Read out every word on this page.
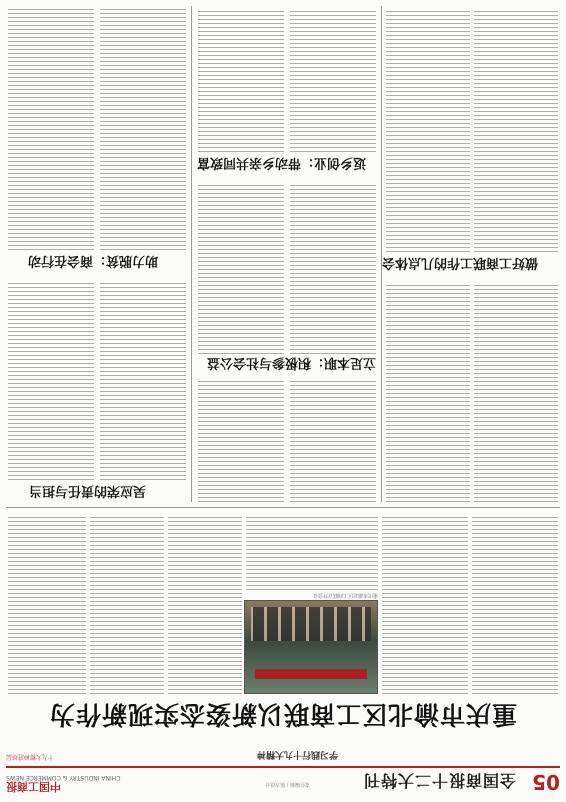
05
全国商报十二大特刊
责任编辑 / 版式设计
中国工商报
CHINA INDUSTRY & COMMERCE NEWS
学习践行十九大精神
十九大精神进基层
重庆市渝北区工商联以新姿态实现新作为
重庆市渝北区工商联召开会议
吴应荣的责任与担当
立足本职：积极参与社会公益
做好工商联工作的几点体会
助力脱贫：商会在行动
返乡创业：带动乡亲共同致富
